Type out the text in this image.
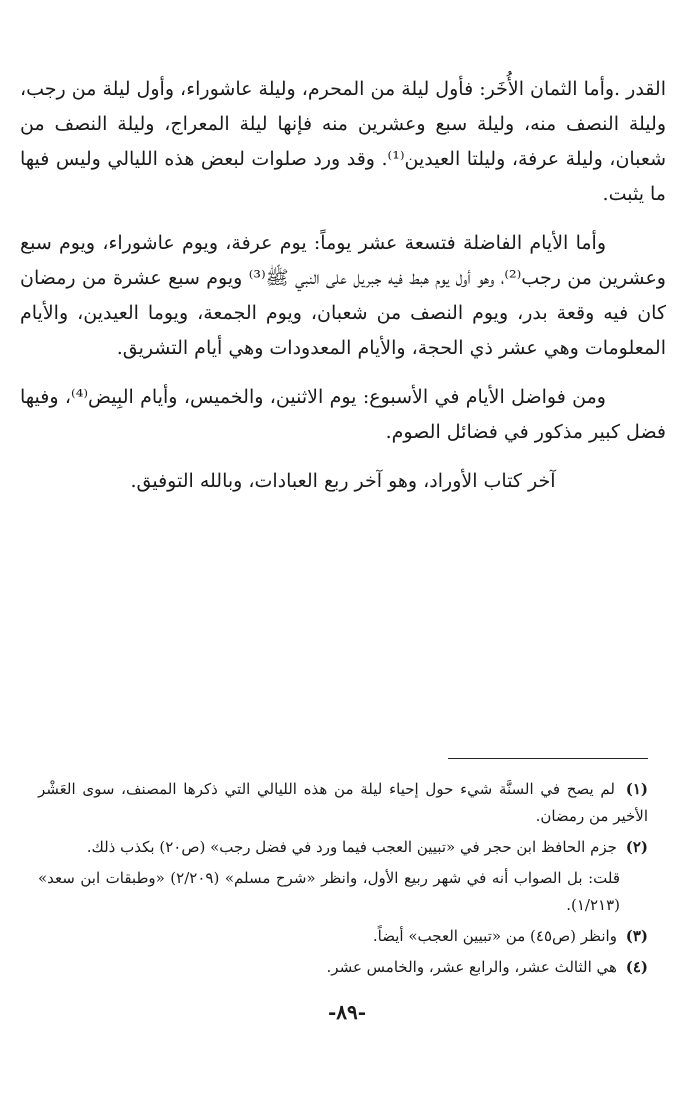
القدر .وأما الثمان الأُخَر: فأول ليلة من المحرم، وليلة عاشوراء، وأول ليلة من رجب، وليلة النصف منه، وليلة سبع وعشرين منه فإنها ليلة المعراج، وليلة النصف من شعبان، وليلة عرفة، وليلتا العيدين⁽¹⁾. وقد ورد صلوات لبعض هذه الليالي وليس فيها ما يثبت.

وأما الأيام الفاضلة فتسعة عشر يوماً: يوم عرفة، ويوم عاشوراء، ويوم سبع وعشرين من رجب⁽²⁾، وهو أول يوم هبط فيه جبريل على النبي ﷺ⁽³⁾ ويوم سبع عشرة من رمضان كان فيه وقعة بدر، ويوم النصف من شعبان، ويوم الجمعة، ويوما العيدين، والأيام المعلومات وهي عشر ذي الحجة، والأيام المعدودات وهي أيام التشريق.

ومن فواضل الأيام في الأسبوع: يوم الاثنين، والخميس، وأيام البِيض⁽⁴⁾، وفيها فضل كبير مذكور في فضائل الصوم.

آخر كتاب الأوراد، وهو آخر ربع العبادات، وبالله التوفيق.

(١) لم يصح في السنَّة شيء حول إحياء ليلة من هذه الليالي التي ذكرها المصنف، سوى العَشْر الأخير من رمضان.

(٢) جزم الحافظ ابن حجر في «تبيين العجب فيما ورد في فضل رجب» (ص٢٠) بكذب ذلك.

قلت: بل الصواب أنه في شهر ربيع الأول، وانظر «شرح مسلم» (٢/٢٠٩) «وطبقات ابن سعد» (١/٢١٣).

(٣) وانظر (ص٤٥) من «تبيين العجب» أيضاً.

(٤) هي الثالث عشر، والرابع عشر، والخامس عشر.

-٨٩-
